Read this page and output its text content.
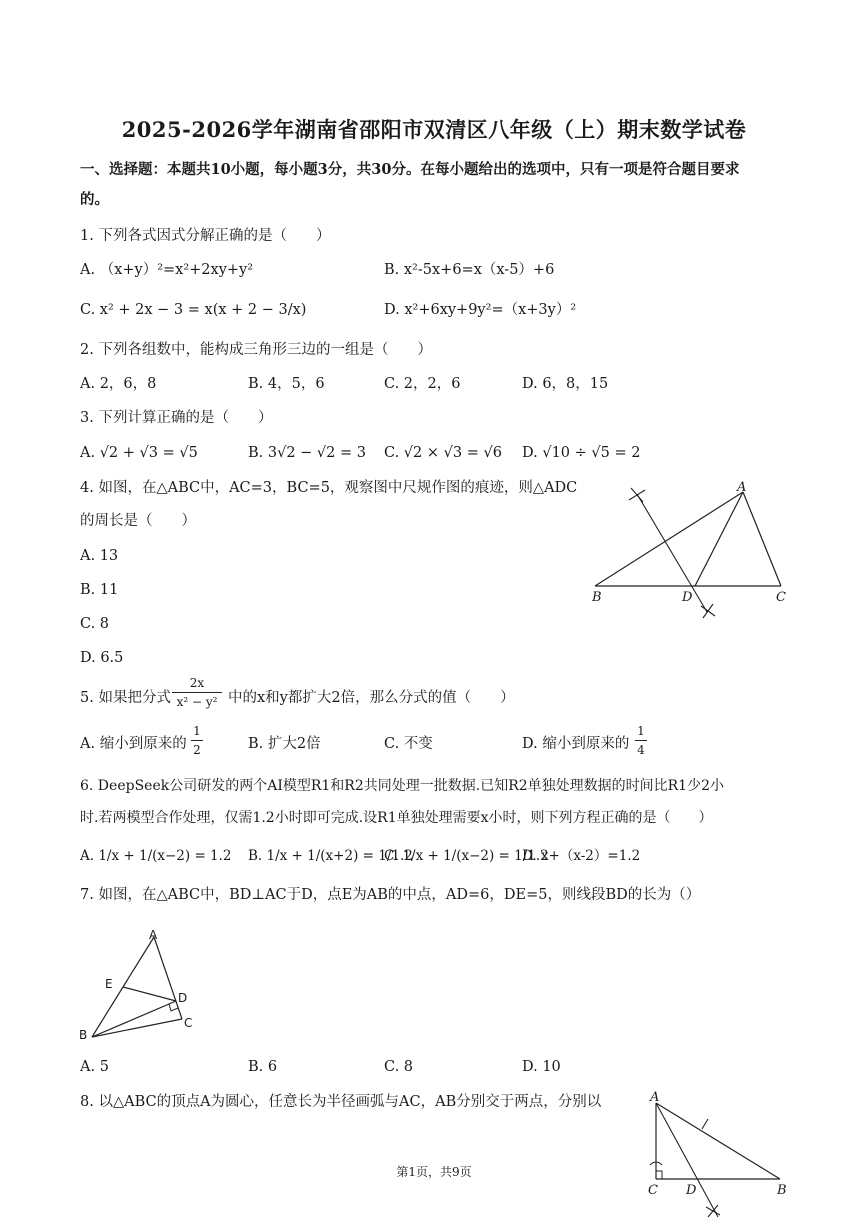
2025-2026学年湖南省邵阳市双清区八年级（上）期末数学试卷
一、选择题：本题共10小题，每小题3分，共30分。在每小题给出的选项中，只有一项是符合题目要求
的。
1. 下列各式因式分解正确的是（　　）
A. （x+y）²=x²+2xy+y²	B. x²-5x+6=x（x-5）+6
C. x² + 2x − 3 = x(x + 2 − 3/x)	D. x²+6xy+9y²=（x+3y）²
2. 下列各组数中，能构成三角形三边的一组是（　　）
A. 2，6，8	B. 4，5，6	C. 2，2，6	D. 6，8，15
3. 下列计算正确的是（　　）
A. √2 + √3 = √5	B. 3√2 − √2 = 3 C. √2 × √3 = √6 D. √10 ÷ √5 = 2
4. 如图，在△ABC中，AC=3，BC=5，观察图中尺规作图的痕迹，则△ADC
的周长是（　　）
A. 13
B. 11
C. 8
D. 6.5
A
B	C
D
5. 如果把分式
2x
x² − y² 中的x和y都扩大2倍，那么分式的值（　　）
A. 缩小到原来的
1
2	B. 扩大2倍	C. 不变	D. 缩小到原来的
1
4
6. DeepSeek公司研发的两个AI模型R1和R2共同处理一批数据.已知R2单独处理数据的时间比R1少2小
时.若两模型合作处理，仅需1.2小时即可完成.设R1单独处理需要x小时，则下列方程正确的是（　　）
A. 1/x + 1/(x−2) = 1.2 B. 1/x + 1/(x+2) = 1/1.2
C. 1/x + 1/(x−2) = 1/1.2
D. x+（x-2）=1.2
7. 如图，在△ABC中，BD⊥AC于D，点E为AB的中点，AD=6，DE=5，则线段BD的长为（）
A
E
D
C
B
A. 5	B. 6	C. 8	D. 10
8. 以△ABC的顶点A为圆心，任意长为半径画弧与AC，AB分别交于两点，分别以	A
C D	B
第1页，共9页
